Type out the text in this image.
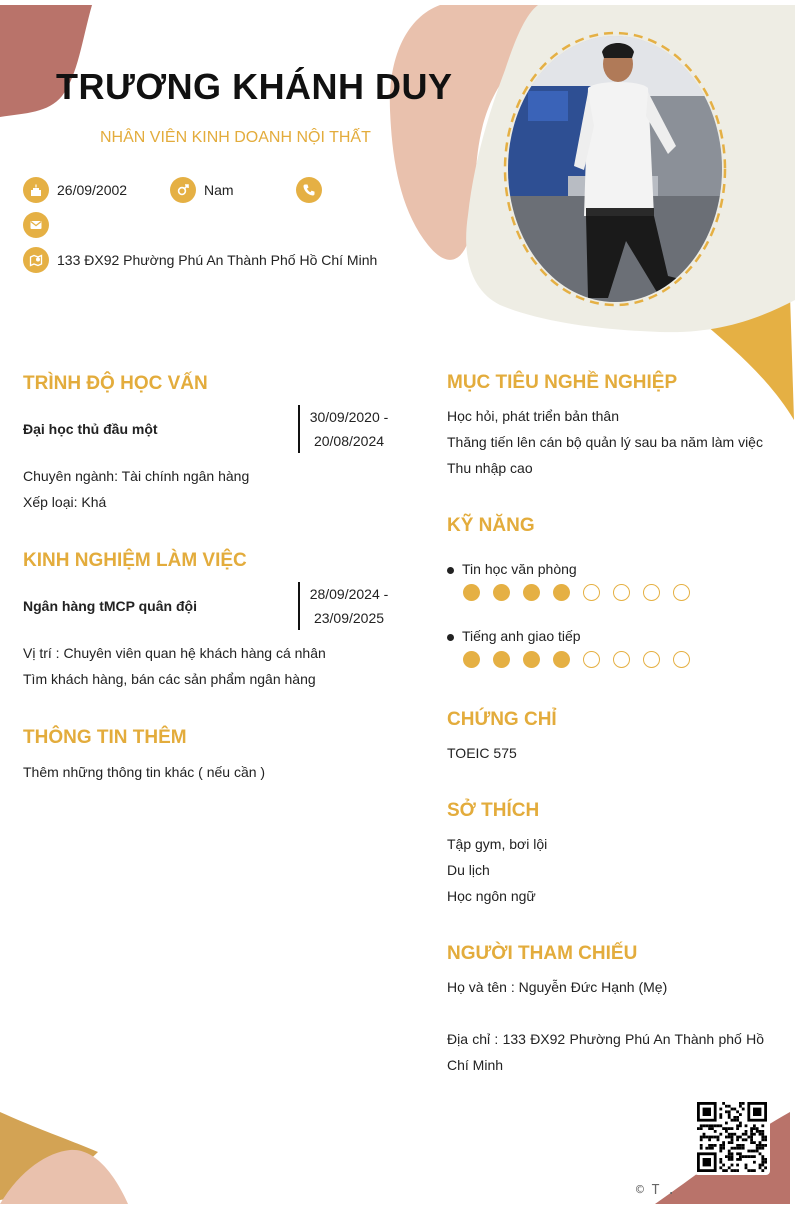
TRƯƠNG KHÁNH DUY
NHÂN VIÊN KINH DOANH NỘI THẤT
26/09/2002	Nam
133 ĐX92 Phường Phú An Thành Phố Hồ Chí Minh
TRÌNH ĐỘ HỌC VẤN
Đại học thủ đầu một
30/09/2020 -
20/08/2024
Chuyên ngành: Tài chính ngân hàng
Xếp loại: Khá
KINH NGHIỆM LÀM VIỆC
Ngân hàng tMCP quân đội
28/09/2024 -
23/09/2025
Vị trí : Chuyên viên quan hệ khách hàng cá nhân
Tìm khách hàng, bán các sản phẩm ngân hàng
THÔNG TIN THÊM
Thêm những thông tin khác ( nếu cần )
MỤC TIÊU NGHỀ NGHIỆP
Học hỏi, phát triển bản thân
Thăng tiến lên cán bộ quản lý sau ba năm làm việc
Thu nhập cao
KỸ NĂNG
Tin học văn phòng
Tiếng anh giao tiếp
CHỨNG CHỈ
TOEIC 575
SỞ THÍCH
Tập gym, bơi lội
Du lịch
Học ngôn ngữ
NGƯỜI THAM CHIẾU
Họ và tên : Nguyễn Đức Hạnh (Mẹ)
Địa chỉ : 133 ĐX92 Phường Phú An Thành phố Hồ
Chí Minh
© T .
